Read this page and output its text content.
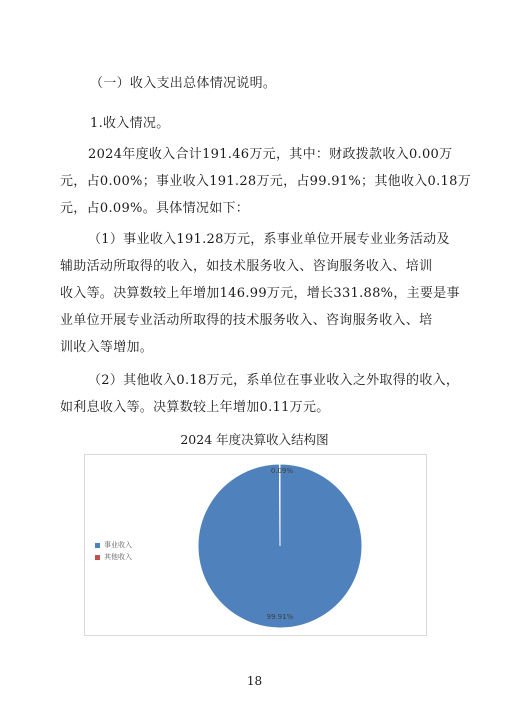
（一）收入支出总体情况说明。
1.收入情况。
2024年度收入合计191.46万元，其中：财政拨款收入0.00万
元，占0.00%；事业收入191.28万元，占99.91%；其他收入0.18万
元，占0.09%。具体情况如下：
（1）事业收入191.28万元，系事业单位开展专业业务活动及
辅助活动所取得的收入，如技术服务收入、咨询服务收入、培训
收入等。决算数较上年增加146.99万元，增长331.88%，主要是事
业单位开展专业活动所取得的技术服务收入、咨询服务收入、培
训收入等增加。
（2）其他收入0.18万元，系单位在事业收入之外取得的收入，
如利息收入等。决算数较上年增加0.11万元。
2024 年度决算收入结构图
99.91%
0.09%
事业收入
其他收入
18
